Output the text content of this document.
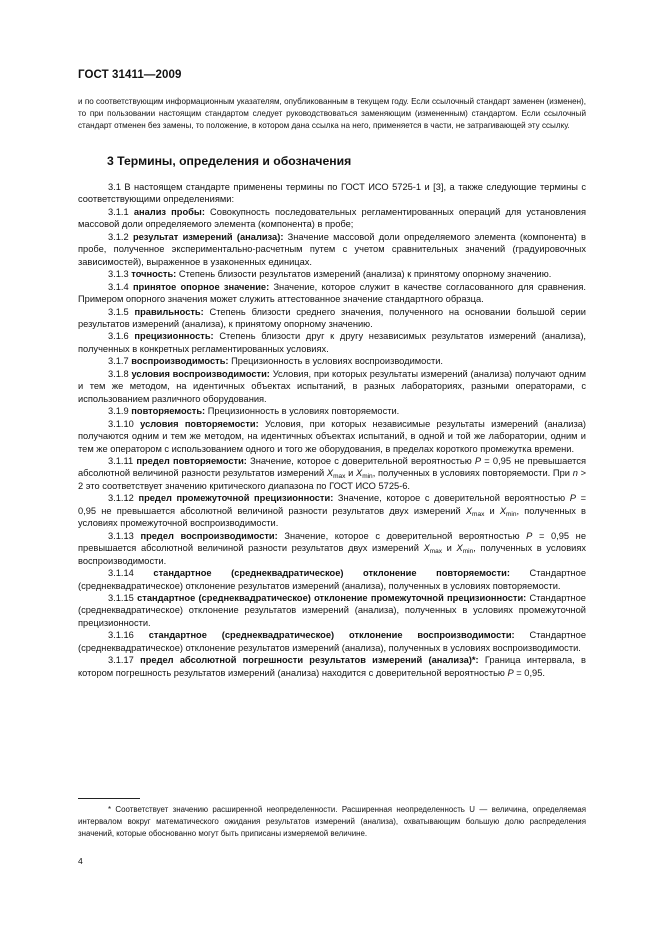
ГОСТ 31411—2009
и по соответствующим информационным указателям, опубликованным в текущем году. Если ссылочный стандарт заменен (изменен), то при пользовании настоящим стандартом следует руководствоваться заменяющим (измененным) стандартом. Если ссылочный стандарт отменен без замены, то положение, в котором дана ссылка на него, применяется в части, не затрагивающей эту ссылку.
3 Термины, определения и обозначения

3.1 В настоящем стандарте применены термины по ГОСТ ИСО 5725-1 и [3], а также следующие термины с соответствующими определениями:

3.1.1 анализ пробы: Совокупность последовательных регламентированных операций для установления массовой доли определяемого элемента (компонента) в пробе;

3.1.2 результат измерений (анализа): Значение массовой доли определяемого элемента (компонента) в пробе, полученное экспериментально-расчетным путем с учетом сравнительных значений (градуировочных зависимостей), выраженное в узаконенных единицах.

3.1.3 точность: Степень близости результатов измерений (анализа) к принятому опорному значению.

3.1.4 принятое опорное значение: Значение, которое служит в качестве согласованного для сравнения. Примером опорного значения может служить аттестованное значение стандартного образца.

3.1.5 правильность: Степень близости среднего значения, полученного на основании большой серии результатов измерений (анализа), к принятому опорному значению.

3.1.6 прецизионность: Степень близости друг к другу независимых результатов измерений (анализа), полученных в конкретных регламентированных условиях.

3.1.7 воспроизводимость: Прецизионность в условиях воспроизводимости.

3.1.8 условия воспроизводимости: Условия, при которых результаты измерений (анализа) получают одним и тем же методом, на идентичных объектах испытаний, в разных лабораториях, разными операторами, с использованием различного оборудования.

3.1.9 повторяемость: Прецизионность в условиях повторяемости.

3.1.10 условия повторяемости: Условия, при которых независимые результаты измерений (анализа) получаются одним и тем же методом, на идентичных объектах испытаний, в одной и той же лаборатории, одним и тем же оператором с использованием одного и того же оборудования, в пределах короткого промежутка времени.

3.1.11 предел повторяемости: Значение, которое с доверительной вероятностью P = 0,95 не превышается абсолютной величиной разности результатов измерений $X_{max}$ и $X_{min}$, полученных в условиях повторяемости. При n > 2 это соответствует значению критического диапазона по ГОСТ ИСО 5725-6.

3.1.12 предел промежуточной прецизионности: Значение, которое с доверительной вероятностью P = 0,95 не превышается абсолютной величиной разности результатов двух измерений $X_{max}$ и $X_{min}$, полученных в условиях промежуточной воспроизводимости.

3.1.13 предел воспроизводимости: Значение, которое с доверительной вероятностью P = 0,95 не превышается абсолютной величиной разности результатов двух измерений $X_{max}$ и $X_{min}$, полученных в условиях воспроизводимости.

3.1.14 стандартное (среднеквадратическое) отклонение повторяемости: Стандартное (среднеквадратическое) отклонение результатов измерений (анализа), полученных в условиях повторяемости.

3.1.15 стандартное (среднеквадратическое) отклонение промежуточной прецизионности: Стандартное (среднеквадратическое) отклонение результатов измерений (анализа), полученных в условиях промежуточной прецизионности.

3.1.16 стандартное (среднеквадратическое) отклонение воспроизводимости: Стандартное (среднеквадратическое) отклонение результатов измерений (анализа), полученных в условиях воспроизводимости.

3.1.17 предел абсолютной погрешности результатов измерений (анализа)*: Граница интервала, в котором погрешность результатов измерений (анализа) находится с доверительной вероятностью P = 0,95.

* Соответствует значению расширенной неопределенности. Расширенная неопределенность U — величина, определяемая интервалом вокруг математического ожидания результатов измерений (анализа), охватывающим большую долю распределения значений, которые обоснованно могут быть приписаны измеряемой величине.

4
